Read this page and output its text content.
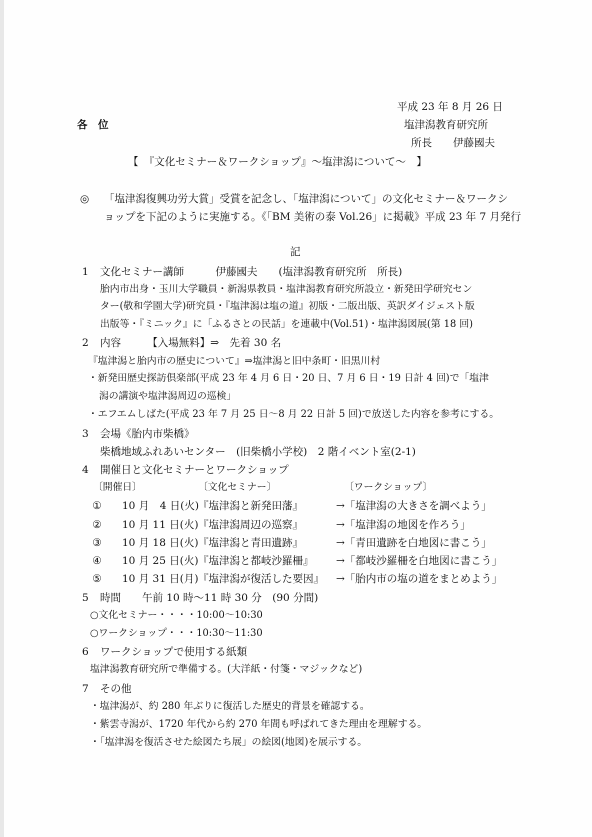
平成 23 年 8 月 26 日
各　位	塩津潟教育研究所
所長　　伊藤國夫
【　『文化セミナー＆ワークショップ』～塩津潟について～　】
◎ 「塩津潟復興功労大賞」受賞を記念し、「塩津潟について」の文化セミナー＆ワークシ
ョップを下記のように実施する。《「BM 美術の泰 Vol.26」に掲載》平成 23 年 7 月発行
記
1 文化セミナー講師　　　伊藤國夫　　(塩津潟教育研究所　所長)
胎内市出身・玉川大学職員・新潟県教員・塩津潟教育研究所設立・新発田学研究セン
ター(敬和学園大学)研究員・『塩津潟は塩の道』初版・二版出版、英訳ダイジェスト版
出版等・『ミニック』に「ふるさとの民話」を連載中(Vol.51)・塩津潟図展(第 18 回)
2 内容　　　【入場無料】⇒　先着 30 名
『塩津潟と胎内市の歴史について』⇒塩津潟と旧中条町・旧黒川村
・新発田歴史探訪倶楽部(平成 23 年 4 月 6 日・20 日、7 月 6 日・19 日計 4 回)で「塩津
潟の講演や塩津潟周辺の巡検」
・エフエムしばた(平成 23 年 7 月 25 日～8 月 22 日計 5 回)で放送した内容を参考にする。
3 会場《胎内市柴橋》
柴橋地域ふれあいセンター　(旧柴橋小学校)　2 階イベント室(2-1)
4 開催日と文化セミナーとワークショップ
〔開催日〕	〔文化セミナー〕	〔ワークショップ〕
①	10 月　4 日(火) 『塩津潟と新発田藩』	→「塩津潟の大きさを調べよう」
②	10 月 11 日(火) 『塩津潟周辺の巡察』	→「塩津潟の地図を作ろう」
③	10 月 18 日(火) 『塩津潟と青田遺跡』	→「青田遺跡を白地図に書こう」
④	10 月 25 日(火) 『塩津潟と都岐沙羅柵』 →「都岐沙羅柵を白地図に書こう」
⑤	10 月 31 日(月) 『塩津潟が復活した要因』 →「胎内市の塩の道をまとめよう」
5 時間　　午前 10 時～11 時 30 分　(90 分間)
○文化セミナー・・・・10:00～10:30
○ワークショップ・・・10:30～11:30
6 ワークショップで使用する紙類
塩津潟教育研究所で準備する。(大洋紙・付箋・マジックなど)
7 その他
・塩津潟が、約 280 年ぶりに復活した歴史的背景を確認する。
・紫雲寺潟が、1720 年代から約 270 年間も呼ばれてきた理由を理解する。
・「塩津潟を復活させた絵図たち展」の絵図(地図)を展示する。
